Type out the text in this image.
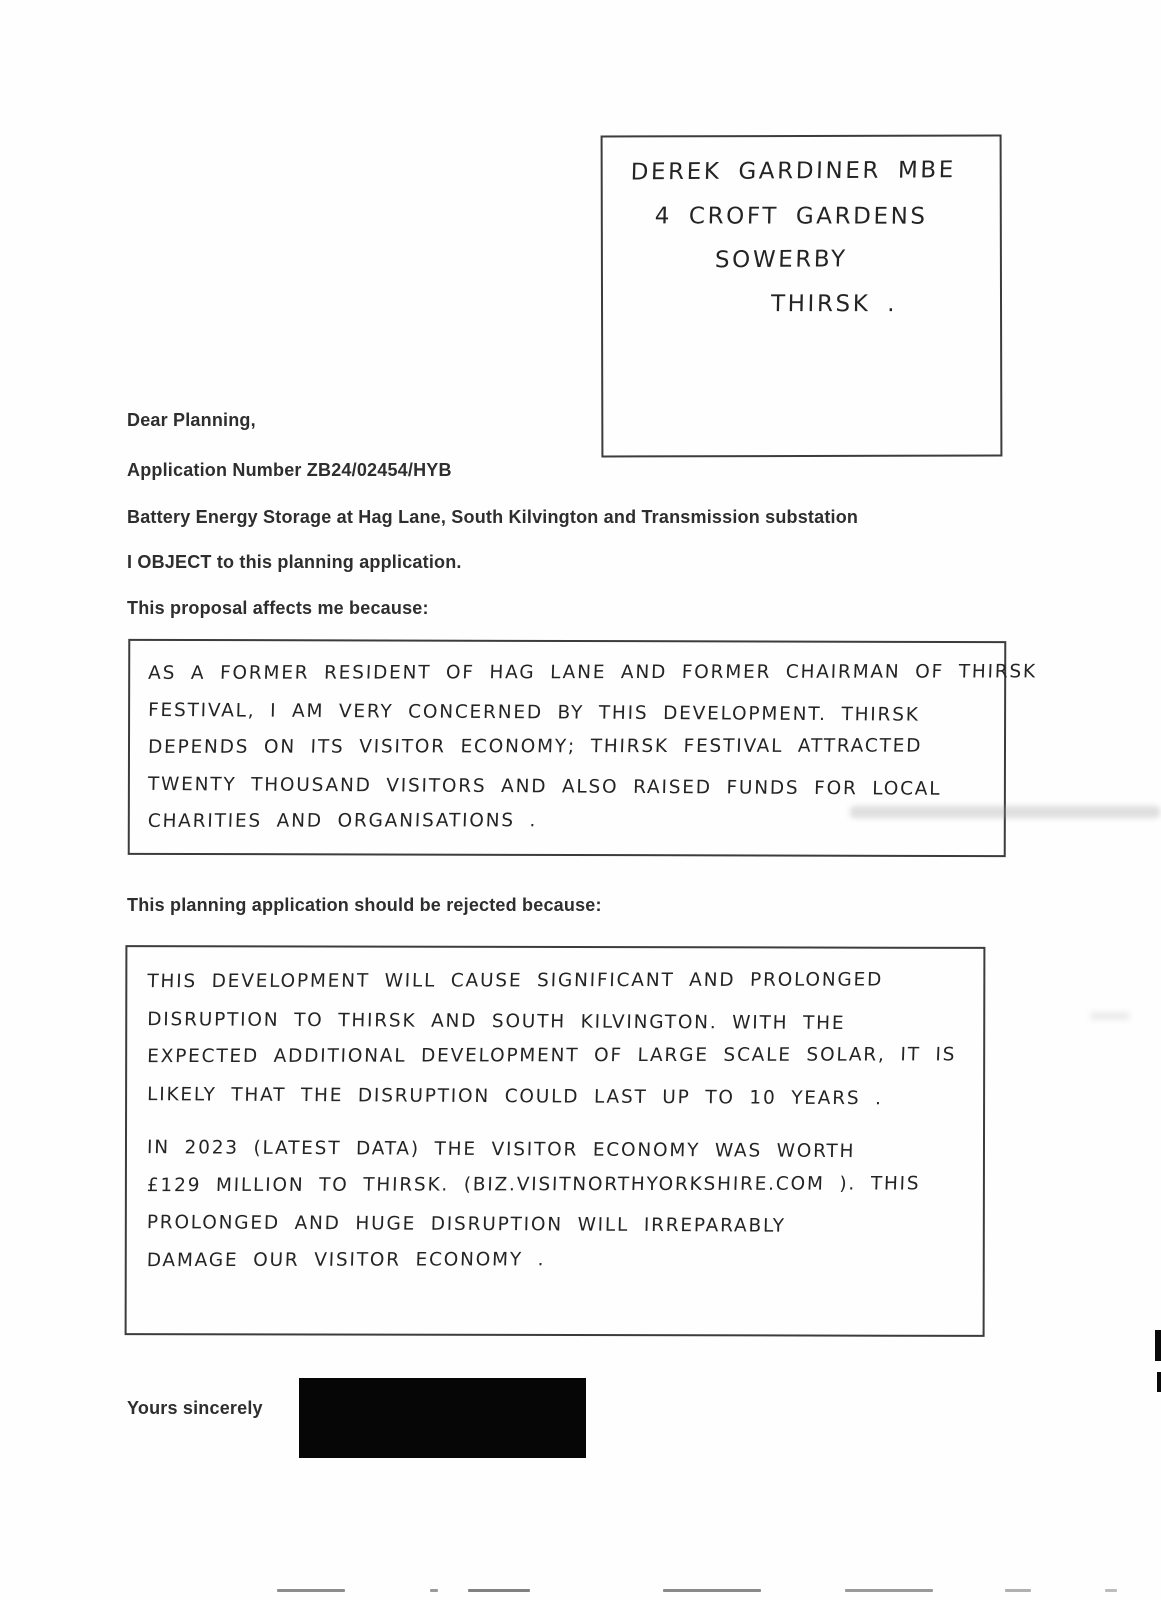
DEREK GARDINER MBE
4 CROFT GARDENS
SOWERBY
THIRSK .
Dear Planning,
Application Number ZB24/02454/HYB
Battery Energy Storage at Hag Lane, South Kilvington and Transmission substation
I OBJECT to this planning application.
This proposal affects me because:
AS A FORMER RESIDENT OF HAG LANE AND FORMER CHAIRMAN OF THIRSK
FESTIVAL, I AM VERY CONCERNED BY THIS DEVELOPMENT. THIRSK
DEPENDS ON ITS VISITOR ECONOMY; THIRSK FESTIVAL ATTRACTED
TWENTY THOUSAND VISITORS AND ALSO RAISED FUNDS FOR LOCAL
CHARITIES AND ORGANISATIONS .
This planning application should be rejected because:
THIS DEVELOPMENT WILL CAUSE SIGNIFICANT AND PROLONGED
DISRUPTION TO THIRSK AND SOUTH KILVINGTON. WITH THE
EXPECTED ADDITIONAL DEVELOPMENT OF LARGE SCALE SOLAR, IT IS
LIKELY THAT THE DISRUPTION COULD LAST UP TO 10 YEARS .
IN 2023 (LATEST DATA) THE VISITOR ECONOMY WAS WORTH
£129 MILLION TO THIRSK. (BIZ.VISITNORTHYORKSHIRE.COM ). THIS
PROLONGED AND HUGE DISRUPTION WILL IRREPARABLY
DAMAGE OUR VISITOR ECONOMY .
Yours sincerely
